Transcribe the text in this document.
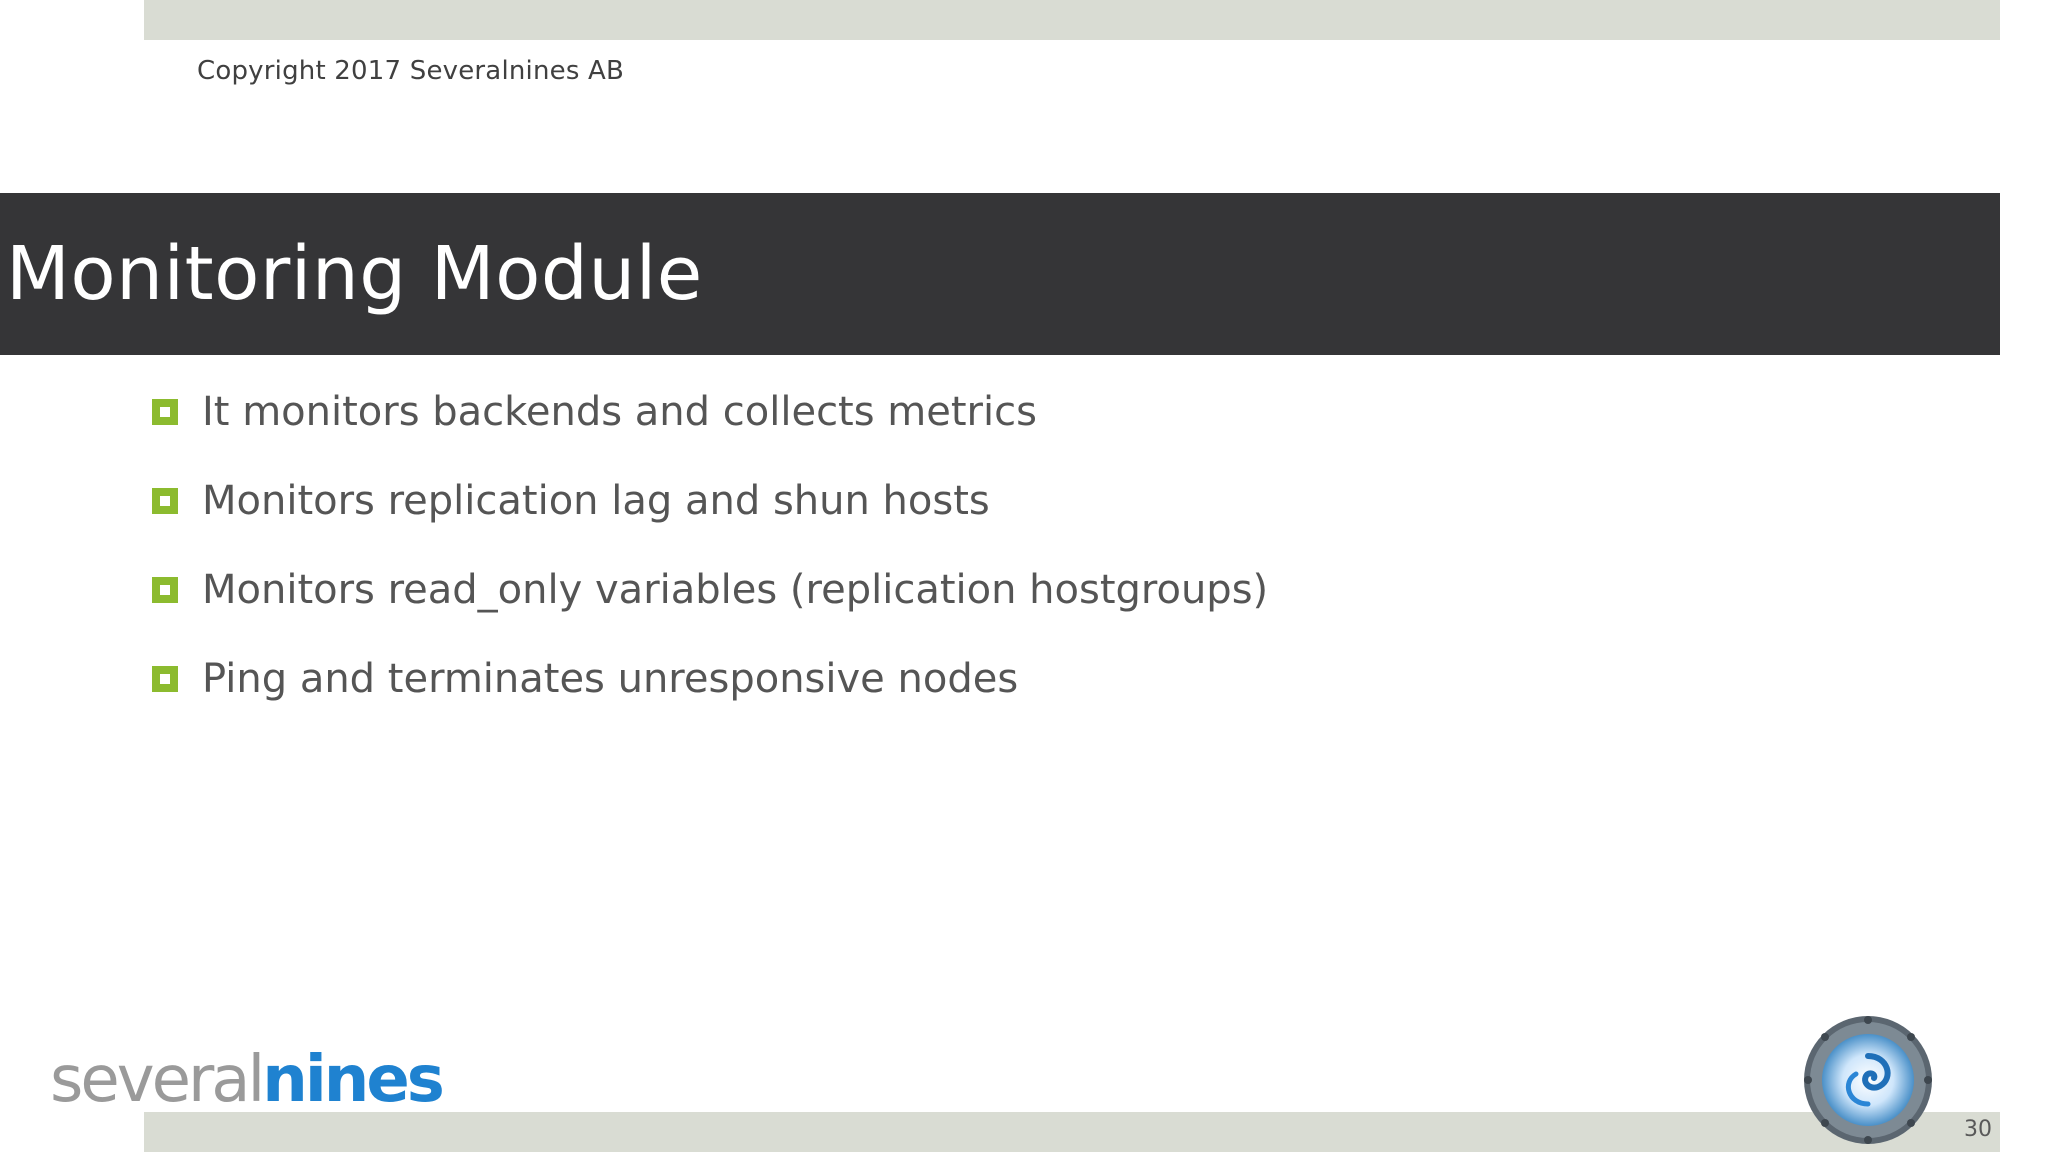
Copyright 2017 Severalnines AB
Monitoring Module
It monitors backends and collects metrics
Monitors replication lag and shun hosts
Monitors read_only variables (replication hostgroups)
Ping and terminates unresponsive nodes
severalnines
30
